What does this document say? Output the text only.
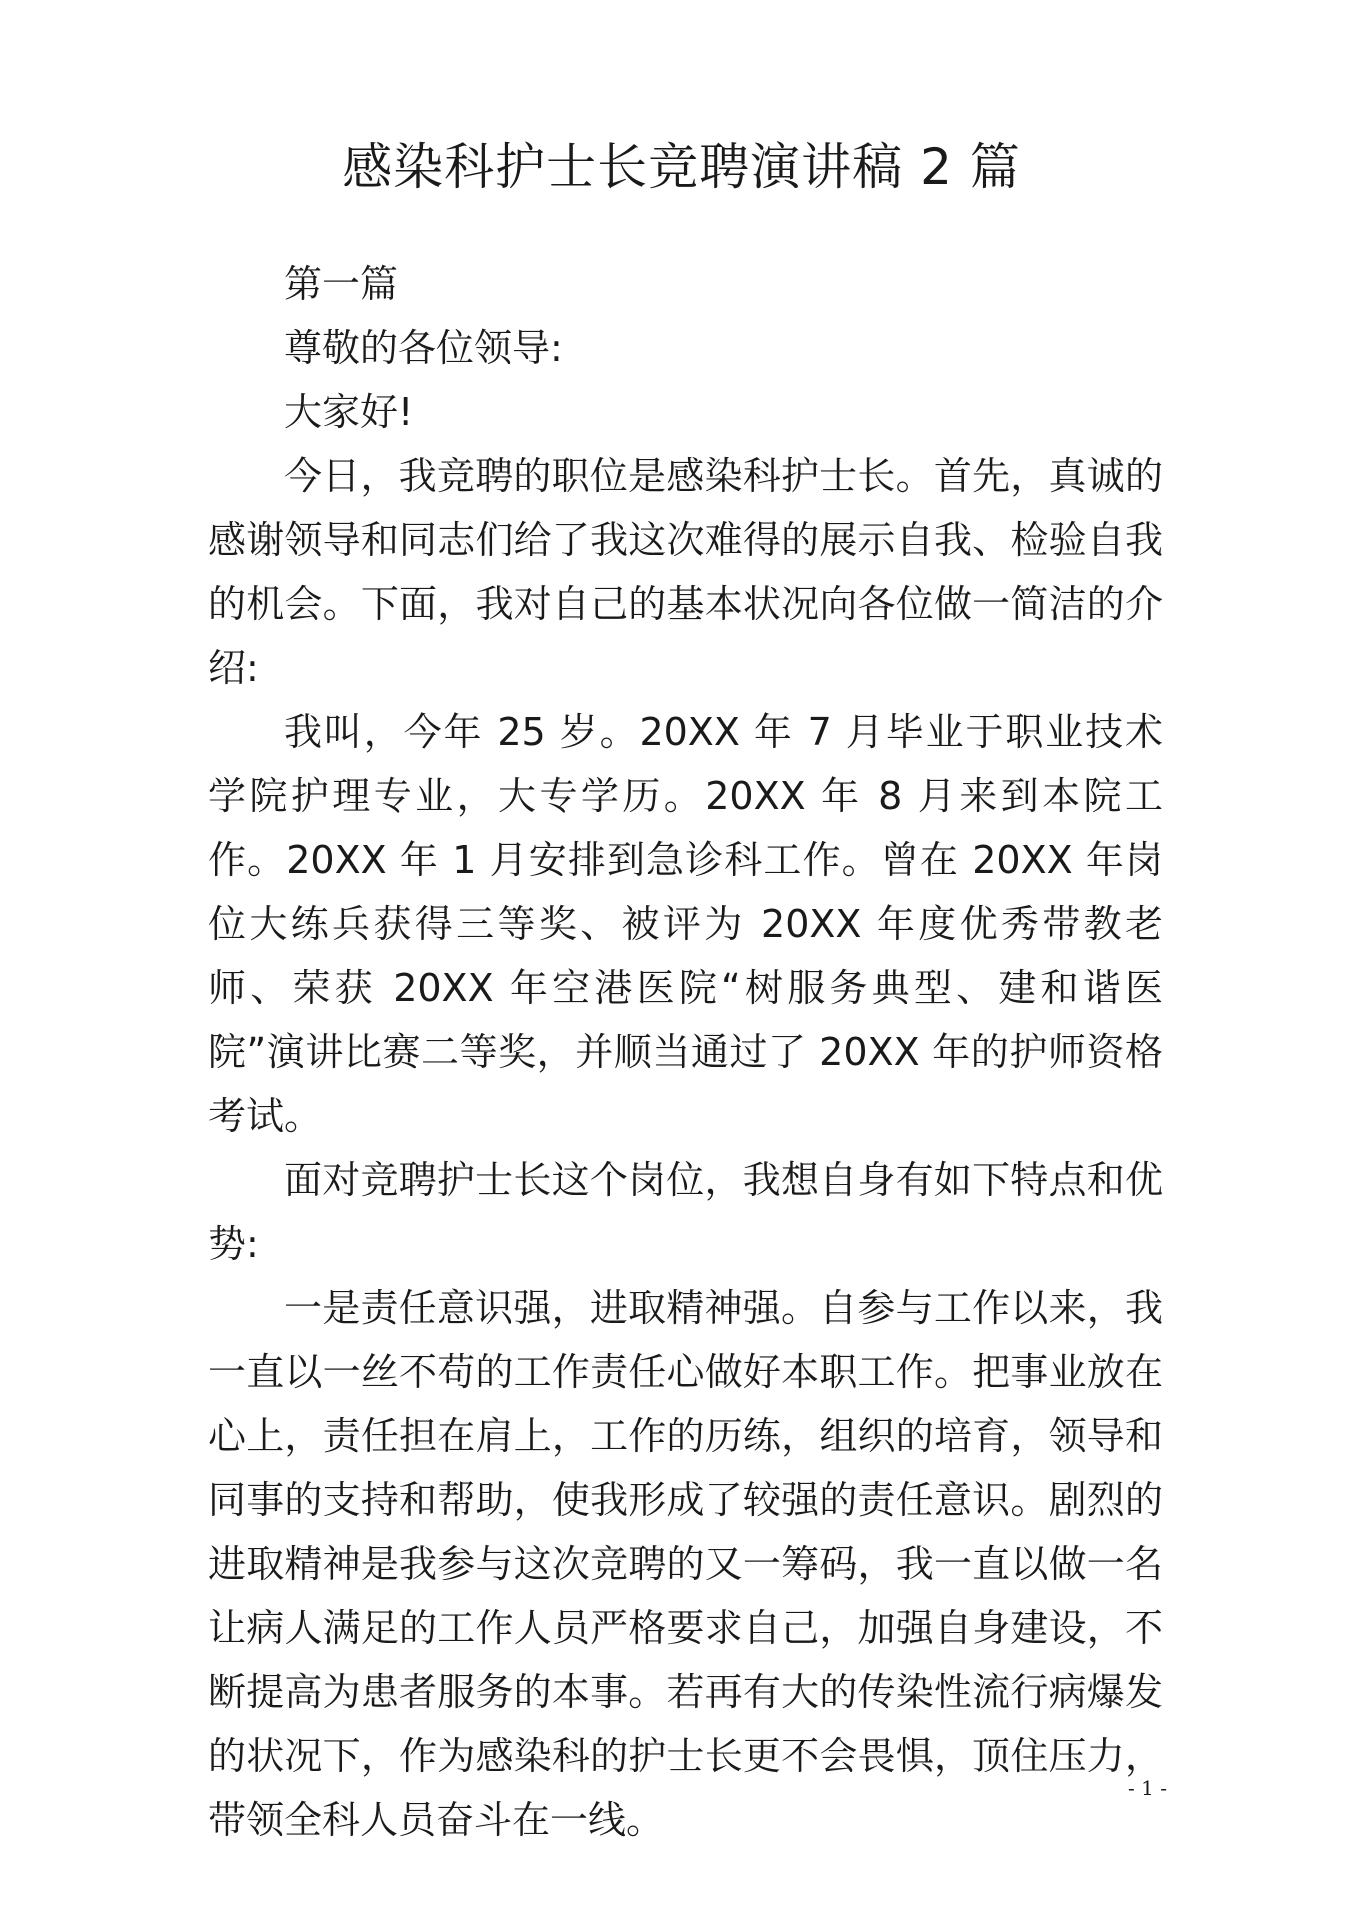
感染科护士长竞聘演讲稿 2 篇

第一篇

尊敬的各位领导:

大家好!

今日，我竞聘的职位是感染科护士长。首先，真诚的感谢领导和同志们给了我这次难得的展示自我、检验自我的机会。下面，我对自己的基本状况向各位做一简洁的介绍:

我叫，今年 25 岁。20XX 年 7 月毕业于职业技术学院护理专业，大专学历。20XX 年 8 月来到本院工作。20XX 年 1 月安排到急诊科工作。曾在 20XX 年岗位大练兵获得三等奖、被评为 20XX 年度优秀带教老师、荣获 20XX 年空港医院“树服务典型、建和谐医院”演讲比赛二等奖，并顺当通过了 20XX 年的护师资格考试。

面对竞聘护士长这个岗位，我想自身有如下特点和优势:

一是责任意识强，进取精神强。自参与工作以来，我一直以一丝不苟的工作责任心做好本职工作。把事业放在心上，责任担在肩上，工作的历练，组织的培育，领导和同事的支持和帮助，使我形成了较强的责任意识。剧烈的进取精神是我参与这次竞聘的又一筹码，我一直以做一名让病人满足的工作人员严格要求自己，加强自身建设，不断提高为患者服务的本事。若再有大的传染性流行病爆发的状况下，作为感染科的护士长更不会畏惧，顶住压力，带领全科人员奋斗在一线。

- 1 -
